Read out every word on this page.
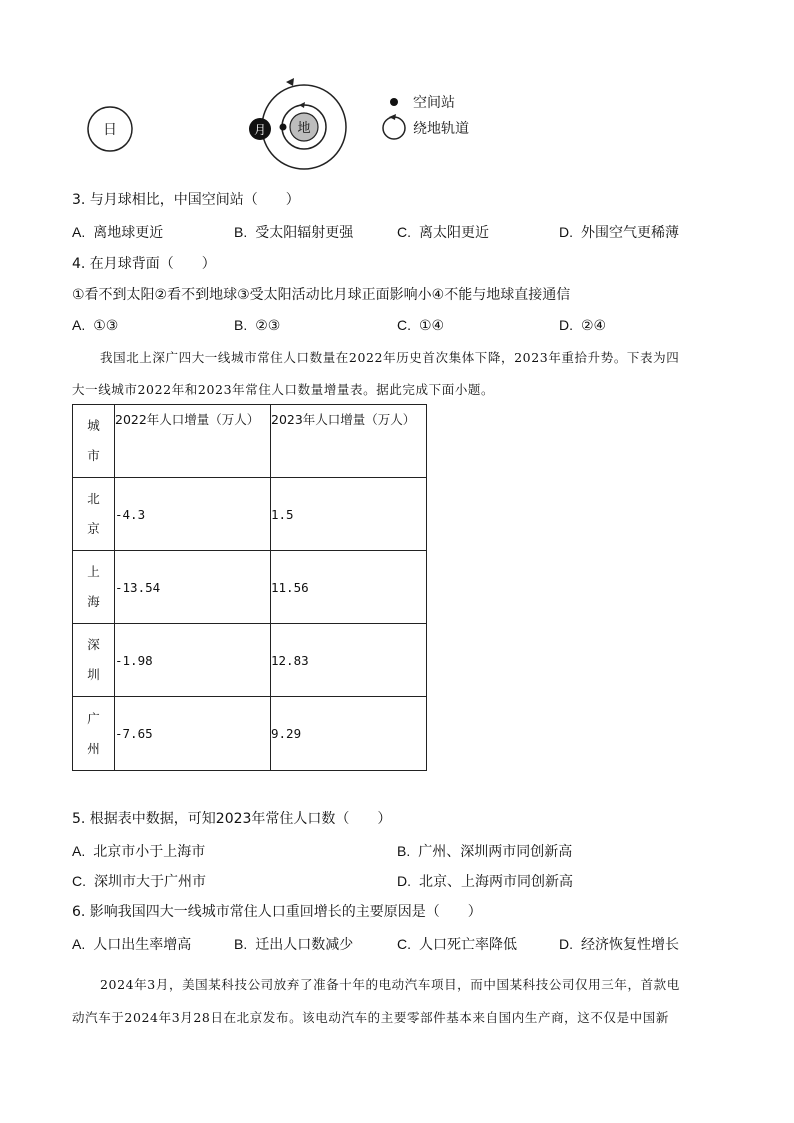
日	地
月
空间站
绕地轨道
3. 与月球相比，中国空间站（　　）
A. 离地球更近	B. 受太阳辐射更强	C. 离太阳更近	D. 外围空气更稀薄
4. 在月球背面（　　）
①看不到太阳②看不到地球③受太阳活动比月球正面影响小④不能与地球直接通信
A. ①③	B. ②③	C. ①④	D. ②④
我国北上深广四大一线城市常住人口数量在2022年历史首次集体下降，2023年重拾升势。下表为四
大一线城市2022年和2023年常住人口数量增量表。据此完成下面小题。
城
市	2022年人口增量（万人）	2023年人口增量（万人）

北
京	-4.3	1.5

上
海	-13.54	11.56

深
圳	-1.98	12.83

广
州	-7.65	9.29
5. 根据表中数据，可知2023年常住人口数（　　）
A. 北京市小于上海市	B. 广州、深圳两市同创新高
C. 深圳市大于广州市	D. 北京、上海两市同创新高
6. 影响我国四大一线城市常住人口重回增长的主要原因是（　　）
A. 人口出生率增高	B. 迁出人口数减少	C. 人口死亡率降低	D. 经济恢复性增长
2024年3月，美国某科技公司放弃了准备十年的电动汽车项目，而中国某科技公司仅用三年，首款电
动汽车于2024年3月28日在北京发布。该电动汽车的主要零部件基本来自国内生产商，这不仅是中国新
